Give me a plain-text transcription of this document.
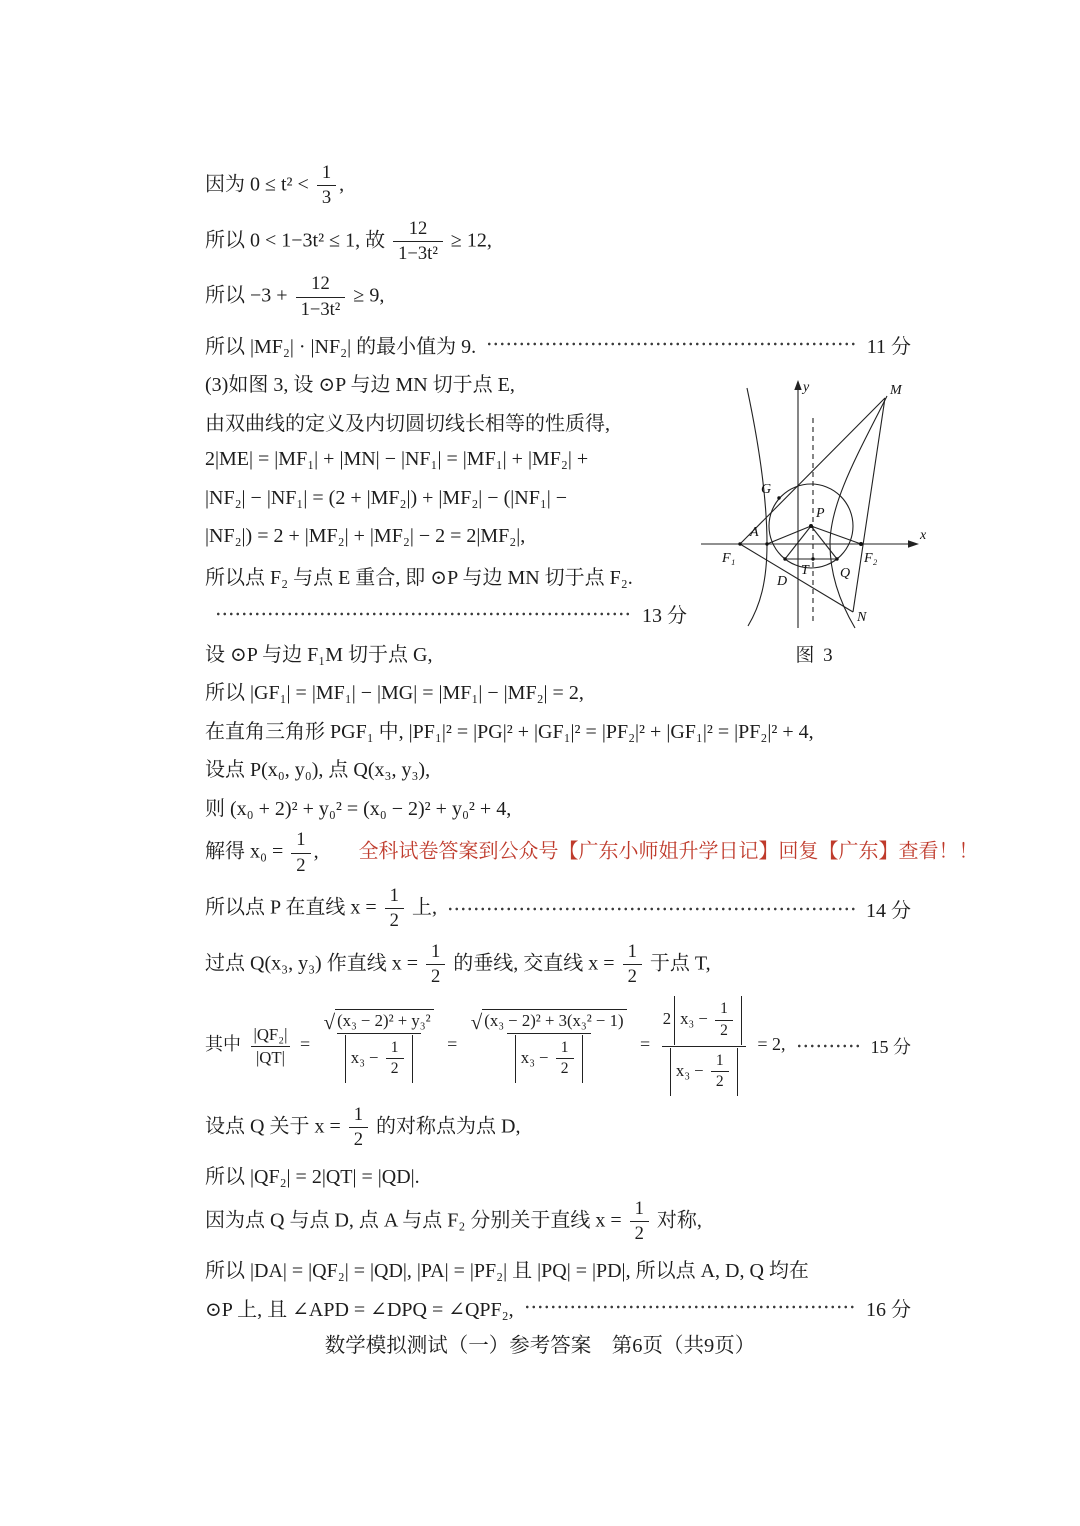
因为 $0 \le t^2 < \frac{1}{3}$ ,
所以 0 < 1−3t² ≤ 1, 故 $\frac{12}{\text{1−3t²}} \ge 12$,
所以 $-3 + \frac{12}{\text{1−3t²}} \ge 9$,
所以 |MF₂| · |NF₂| 的最小值为 9.	11 分
(3)如图 3, 设 ⊙P 与边 MN 切于点 E,
由双曲线的定义及内切圆切线长相等的性质得,
2|ME| = |MF₁| + |MN| − |NF₁| = |MF₁| + |MF₂| +
|NF₂| − |NF₁| = (2 + |MF₂|) + |MF₂| − (|NF₁| −
|NF₂|) = 2 + |MF₂| + |MF₂| − 2 = 2|MF₂|,
所以点 F₂ 与点 E 重合, 即 ⊙P 与边 MN 切于点 F₂.
13 分
设 ⊙P 与边 F₁M 切于点 G,
所以 |GF₁| = |MF₁| − |MG| = |MF₁| − |MF₂| = 2,
在直角三角形 PGF₁ 中, |PF₁|² = |PG|² + |GF₁|² = |PF₂|² + |GF₁|² = |PF₂|² + 4,
设点 P(x₀, y₀), 点 Q(x₃, y₃),
则 (x₀ + 2)² + y₀² = (x₀ − 2)² + y₀² + 4,
解得 $x_0 = \frac{1}{2}$ ,　　全科试卷答案到公众号【广东小师姐升学日记】回复【广东】查看！！
所以点 P 在直线 $x = \frac{1}{2}$ 上,	14 分
过点 Q(x₃, y₃) 作直线 $x = \frac{1}{2}$ 的垂线, 交直线 $x = \frac{1}{2}$ 于点 T,
其中 $\frac{\text{|QF₂|}}{|QT|} = \frac{\text{√ (x₃ − 2)² + y₃²}}{x_3 - \frac{1}{2}} = \frac{\text{√ (x₃ − 2)² + 3(x₃² − 1)}}{x_3 - \frac{1}{2}} = \frac{2 x_3 - \frac{1}{2}}{x_3 - \frac{1}{2}} = 2$,	15 分
设点 Q 关于 $x = \frac{1}{2}$ 的对称点为点 D,
所以 |QF₂| = 2|QT| = |QD|.
因为点 Q 与点 D, 点 A 与点 F₂ 分别关于直线 $x = \frac{1}{2}$ 对称,
所以 |DA| = |QF₂| = |QD|, |PA| = |PF₂| 且 |PQ| = |PD|, 所以点 A, D, Q 均在
⊙P 上, 且 ∠APD = ∠DPQ = ∠QPF₂,	16 分
y
x
M
G
P
A
F₁	F₂
T Q
D
N
图 3
数学模拟测试（一）参考答案　第6页（共9页）
